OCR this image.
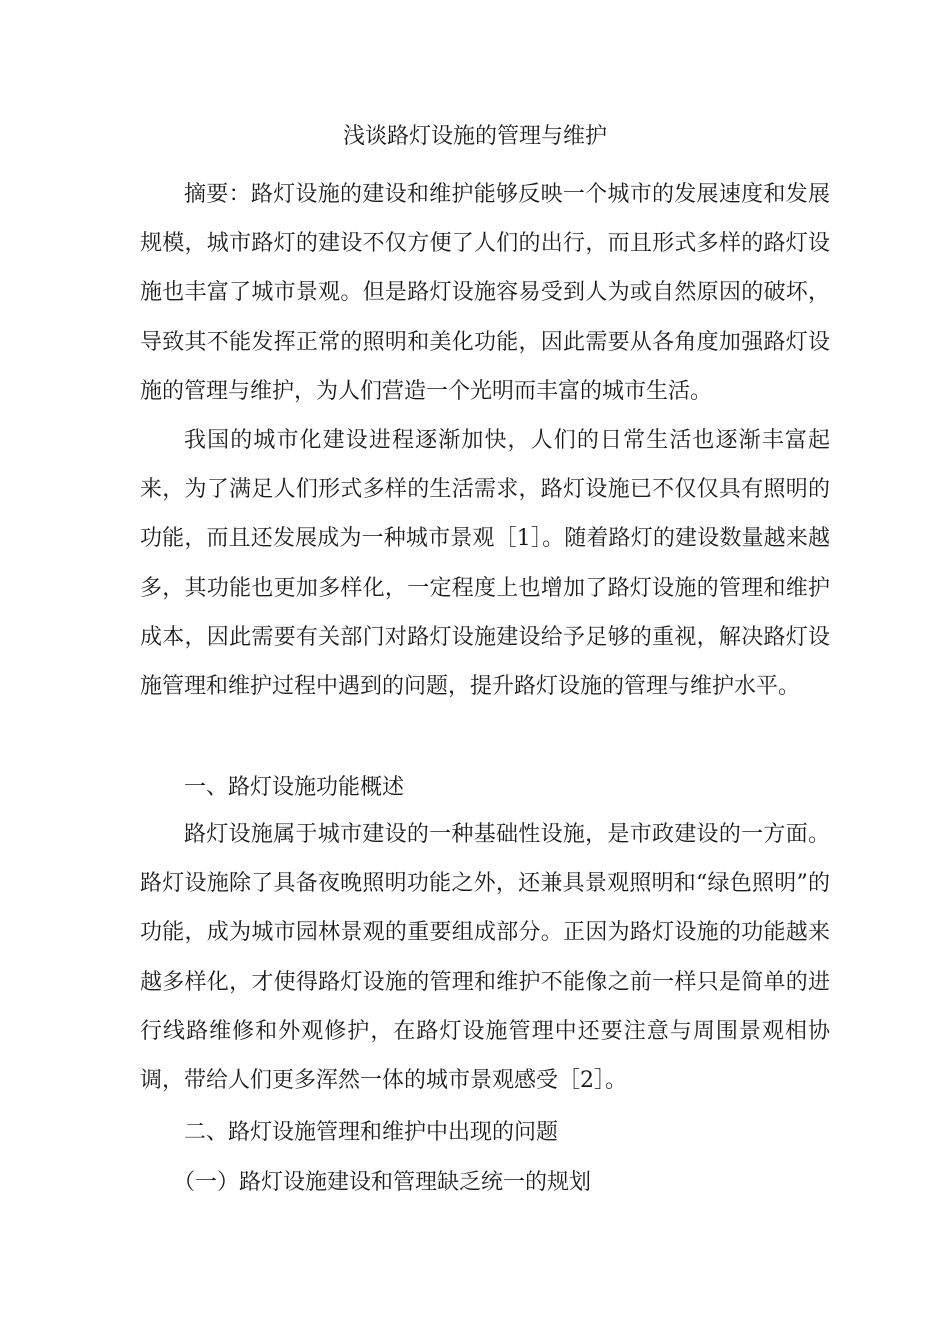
浅谈路灯设施的管理与维护

摘要：路灯设施的建设和维护能够反映一个城市的发展速度和发展规模，城市路灯的建设不仅方便了人们的出行，而且形式多样的路灯设施也丰富了城市景观。但是路灯设施容易受到人为或自然原因的破坏，导致其不能发挥正常的照明和美化功能，因此需要从各角度加强路灯设施的管理与维护，为人们营造一个光明而丰富的城市生活。

我国的城市化建设进程逐渐加快，人们的日常生活也逐渐丰富起来，为了满足人们形式多样的生活需求，路灯设施已不仅仅具有照明的功能，而且还发展成为一种城市景观［1］。随着路灯的建设数量越来越多，其功能也更加多样化，一定程度上也增加了路灯设施的管理和维护成本，因此需要有关部门对路灯设施建设给予足够的重视，解决路灯设施管理和维护过程中遇到的问题，提升路灯设施的管理与维护水平。

一、路灯设施功能概述

路灯设施属于城市建设的一种基础性设施，是市政建设的一方面。路灯设施除了具备夜晚照明功能之外，还兼具景观照明和“绿色照明”的功能，成为城市园林景观的重要组成部分。正因为路灯设施的功能越来越多样化，才使得路灯设施的管理和维护不能像之前一样只是简单的进行线路维修和外观修护，在路灯设施管理中还要注意与周围景观相协调，带给人们更多浑然一体的城市景观感受［2］。

二、路灯设施管理和维护中出现的问题

（一）路灯设施建设和管理缺乏统一的规划
